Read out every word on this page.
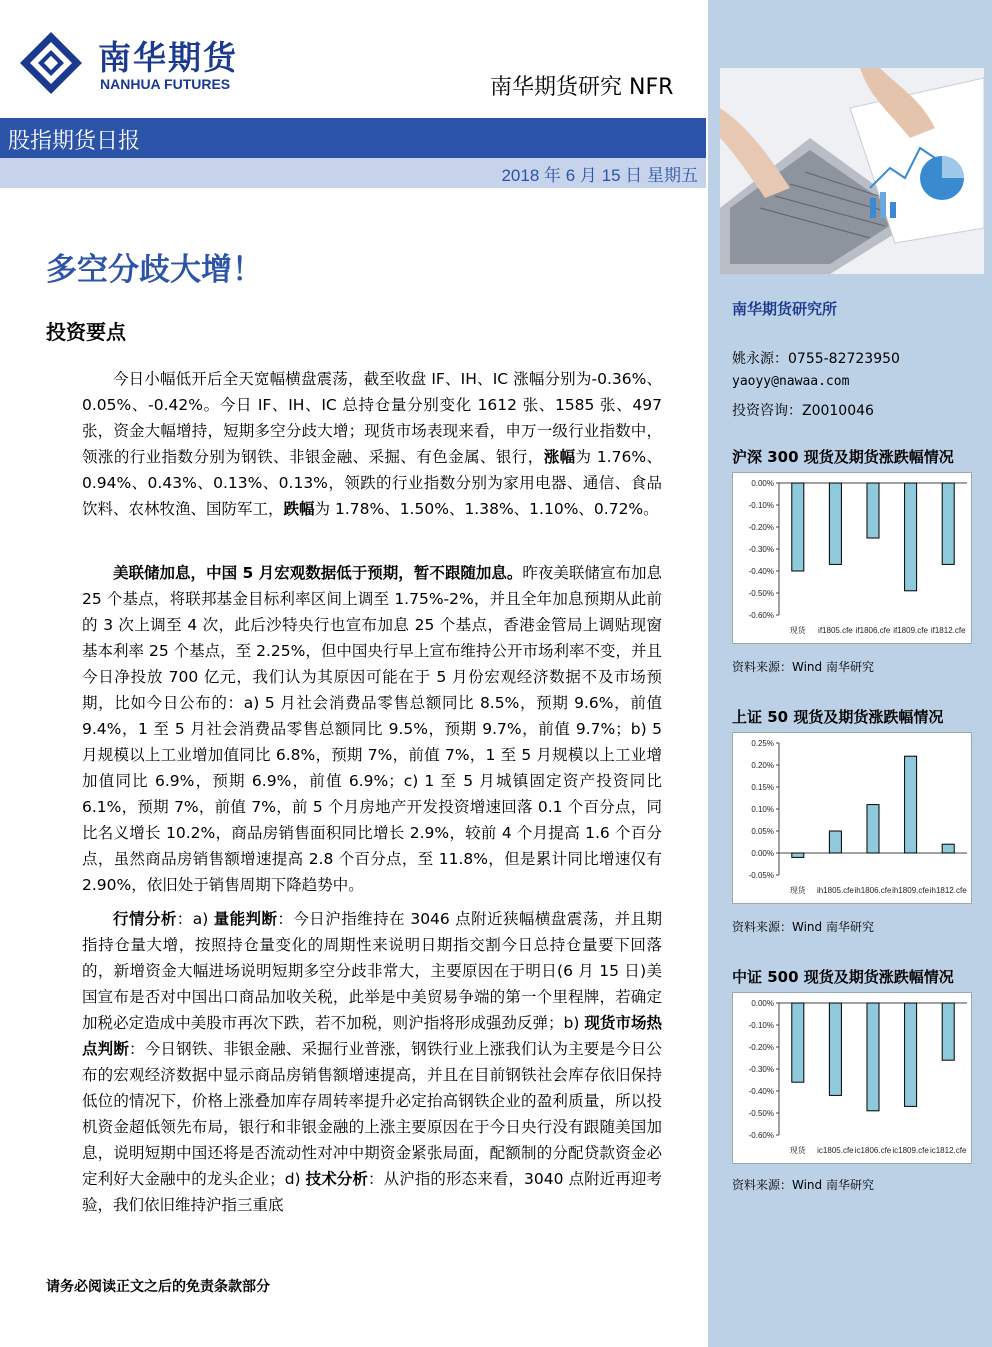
南华期货
NANHUA FUTURES	南华期货研究 NFR
股指期货日报
2018 年 6 月 15 日 星期五
南华期货研究所
姚永源：0755-82723950
yaoyy@nawaa.com
投资咨询：Z0010046
沪深 300 现货及期货涨跌幅情况
0.00%
-0.10%
-0.20%
-0.30%
-0.40%
-0.50%
-0.60%
现货 if1805.cfe if1806.cfe if1809.cfe if1812.cfe
资料来源：Wind 南华研究
上证 50 现货及期货涨跌幅情况
0.25%
0.20%
0.15%
0.10%
0.05%
0.00%
-0.05%
现货 ih1805.cfe ih1806.cfe ih1809.cfe ih1812.cfe
资料来源：Wind 南华研究
中证 500 现货及期货涨跌幅情况
0.00%
-0.10%
-0.20%
-0.30%
-0.40%
-0.50%
-0.60%
现货 ic1805.cfe ic1806.cfe ic1809.cfe ic1812.cfe
资料来源：Wind 南华研究
多空分歧大增！
投资要点

今日小幅低开后全天宽幅横盘震荡，截至收盘 IF、IH、IC 涨幅分别为-0.36%、0.05%、-0.42%。今日 IF、IH、IC 总持仓量分别变化 1612 张、1585 张、497 张，资金大幅增持，短期多空分歧大增；现货市场表现来看，申万一级行业指数中，领涨的行业指数分别为钢铁、非银金融、采掘、有色金属、银行，涨幅为 1.76%、0.94%、0.43%、0.13%、0.13%，领跌的行业指数分别为家用电器、通信、食品饮料、农林牧渔、国防军工，跌幅为 1.78%、1.50%、1.38%、1.10%、0.72%。

美联储加息，中国 5 月宏观数据低于预期，暂不跟随加息。昨夜美联储宣布加息 25 个基点，将联邦基金目标利率区间上调至 1.75%-2%，并且全年加息预期从此前的 3 次上调至 4 次，此后沙特央行也宣布加息 25 个基点，香港金管局上调贴现窗基本利率 25 个基点，至 2.25%，但中国央行早上宣布维持公开市场利率不变，并且今日净投放 700 亿元，我们认为其原因可能在于 5 月份宏观经济数据不及市场预期，比如今日公布的：a) 5 月社会消费品零售总额同比 8.5%，预期 9.6%，前值 9.4%，1 至 5 月社会消费品零售总额同比 9.5%，预期 9.7%，前值 9.7%；b) 5 月规模以上工业增加值同比 6.8%，预期 7%，前值 7%，1 至 5 月规模以上工业增加值同比 6.9%，预期 6.9%，前值 6.9%；c) 1 至 5 月城镇固定资产投资同比 6.1%，预期 7%，前值 7%，前 5 个月房地产开发投资增速回落 0.1 个百分点，同比名义增长 10.2%，商品房销售面积同比增长 2.9%，较前 4 个月提高 1.6 个百分点，虽然商品房销售额增速提高 2.8 个百分点，至 11.8%，但是累计同比增速仅有 2.90%，依旧处于销售周期下降趋势中。

行情分析：a) 量能判断：今日沪指维持在 3046 点附近狭幅横盘震荡，并且期指持仓量大增，按照持仓量变化的周期性来说明日期指交割今日总持仓量要下回落的，新增资金大幅进场说明短期多空分歧非常大，主要原因在于明日(6 月 15 日)美国宣布是否对中国出口商品加收关税，此举是中美贸易争端的第一个里程牌，若确定加税必定造成中美股市再次下跌，若不加税，则沪指将形成强劲反弹；b) 现货市场热点判断：今日钢铁、非银金融、采掘行业普涨，钢铁行业上涨我们认为主要是今日公布的宏观经济数据中显示商品房销售额增速提高，并且在目前钢铁社会库存依旧保持低位的情况下，价格上涨叠加库存周转率提升必定抬高钢铁企业的盈利质量，所以投机资金超低领先布局，银行和非银金融的上涨主要原因在于今日央行没有跟随美国加息，说明短期中国还将是否流动性对冲中期资金紧张局面，配额制的分配贷款资金必定利好大金融中的龙头企业；d) 技术分析：从沪指的形态来看，3040 点附近再迎考验，我们依旧维持沪指三重底

请务必阅读正文之后的免责条款部分
